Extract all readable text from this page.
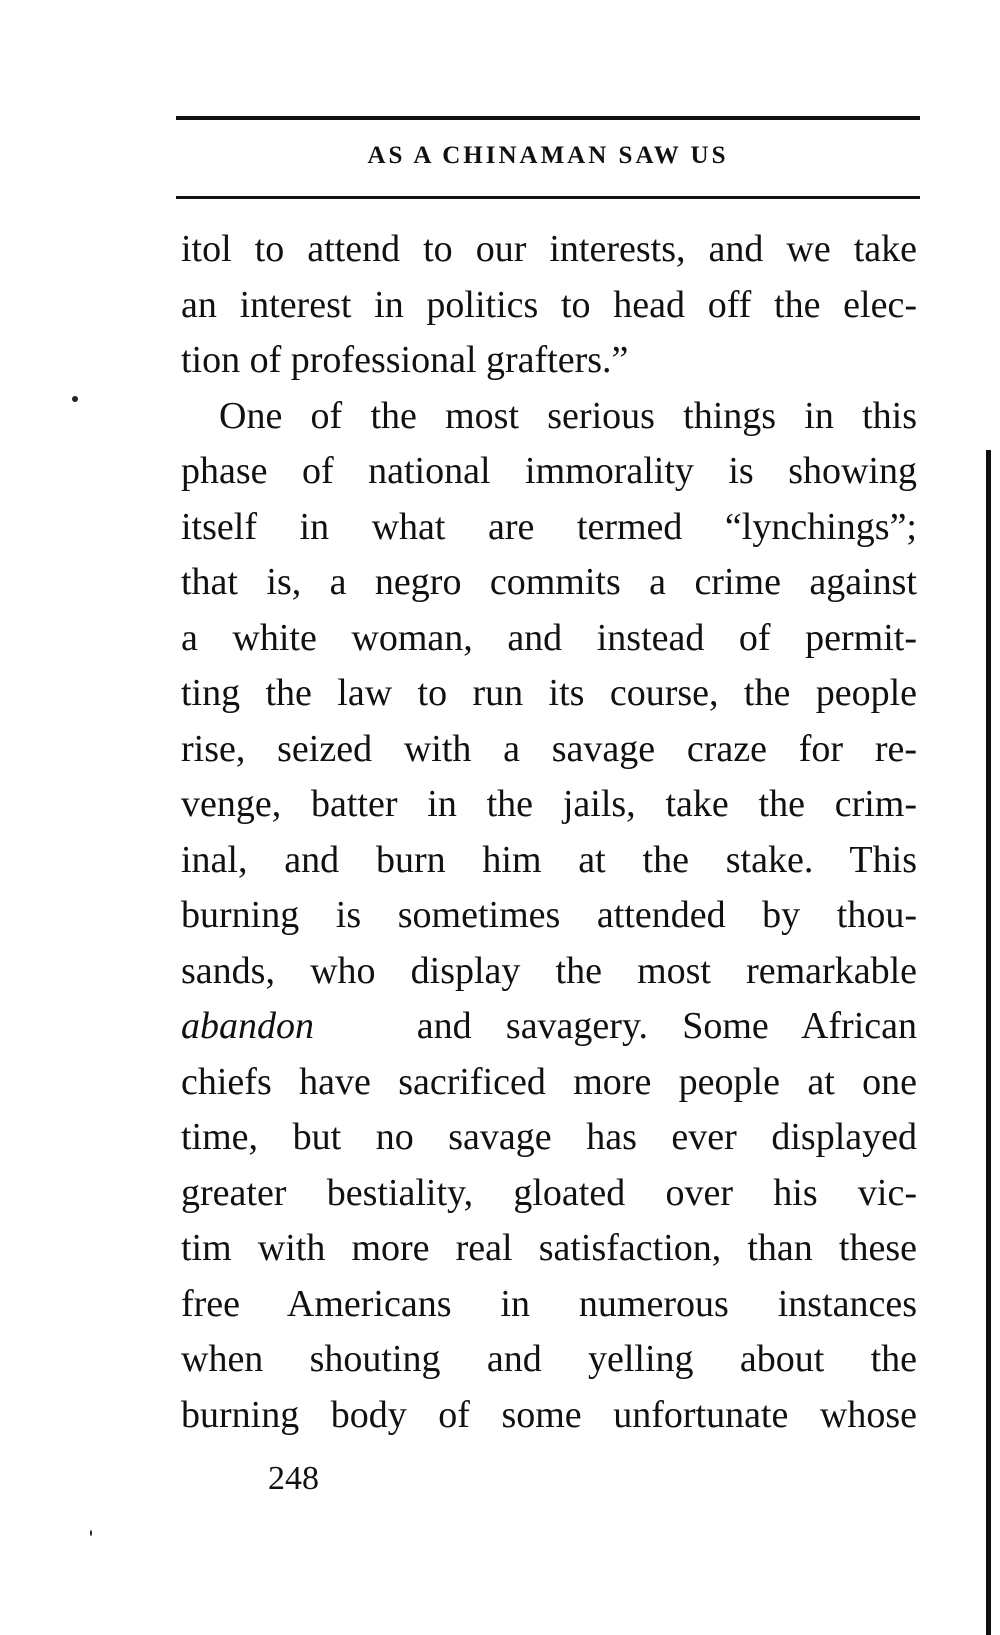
AS A CHINAMAN SAW US
itol to attend to our interests, and we take
an interest in politics to head off the elec-
tion of professional grafters.”
One of the most serious things in this
phase of national immorality is showing
itself in what are termed “lynchings”;
that is, a negro commits a crime against
a white woman, and instead of permit-
ting the law to run its course, the people
rise, seized with a savage craze for re-
venge, batter in the jails, take the crim-
inal, and burn him at the stake. This
burning is sometimes attended by thou-
sands, who display the most remarkable
abandon	and savagery. Some African
chiefs have sacrificed more people at one
time, but no savage has ever displayed
greater bestiality, gloated over his vic-
tim with more real satisfaction, than these
free Americans in numerous instances
when shouting and yelling about the
burning body of some unfortunate whose
248
